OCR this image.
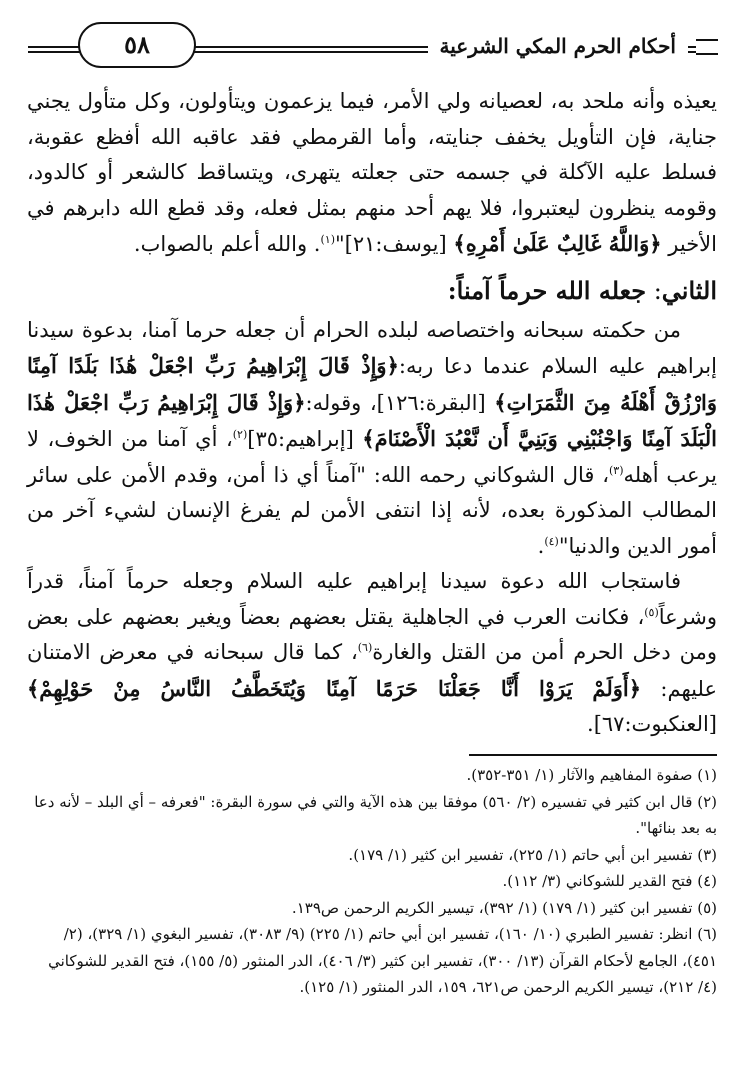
أحكام الحرم المكي الشرعية
٥٨

يعيذه وأنه ملحد به، لعصيانه ولي الأمر، فيما يزعمون ويتأولون، وكل متأول يجني جناية، فإن التأويل يخفف جنايته، وأما القرمطي فقد عاقبه الله أفظع عقوبة، فسلط عليه الآكلة في جسمه حتى جعلته يتهرى، ويتساقط كالشعر أو كالدود، وقومه ينظرون ليعتبروا، فلا يهم أحد منهم بمثل فعله، وقد قطع الله دابرهم في الأخير ﴿وَاللَّهُ غَالِبٌ عَلَىٰ أَمْرِهِ﴾ [يوسف:٢١]"$^{(١)}$. والله أعلم بالصواب.

الثاني: جعله الله حرماً آمناً:

من حكمته سبحانه واختصاصه لبلده الحرام أن جعله حرما آمنا، بدعوة سيدنا إبراهيم عليه السلام عندما دعا ربه:﴿وَإِذْ قَالَ إِبْرَاهِيمُ رَبِّ اجْعَلْ هَٰذَا بَلَدًا آمِنًا وَارْزُقْ أَهْلَهُ مِنَ الثَّمَرَاتِ﴾ [البقرة:١٢٦]، وقوله:﴿وَإِذْ قَالَ إِبْرَاهِيمُ رَبِّ اجْعَلْ هَٰذَا الْبَلَدَ آمِنًا وَاجْنُبْنِي وَبَنِيَّ أَن نَّعْبُدَ الْأَصْنَامَ﴾ [إبراهيم:٣٥]$^{(٢)}$، أي آمنا من الخوف، لا يرعب أهله$^{(٣)}$، قال الشوكاني رحمه الله: "آمناً أي ذا أمن، وقدم الأمن على سائر المطالب المذكورة بعده، لأنه إذا انتفى الأمن لم يفرغ الإنسان لشيء آخر من أمور الدين والدنيا"$^{(٤)}$.

فاستجاب الله دعوة سيدنا إبراهيم عليه السلام وجعله حرماً آمناً، قدراً وشرعاً$^{(٥)}$، فكانت العرب في الجاهلية يقتل بعضهم بعضاً ويغير بعضهم على بعض ومن دخل الحرم أمن من القتل والغارة$^{(٦)}$، كما قال سبحانه في معرض الامتنان عليهم: ﴿أَوَلَمْ يَرَوْا أَنَّا جَعَلْنَا حَرَمًا آمِنًا وَيُتَخَطَّفُ النَّاسُ مِنْ حَوْلِهِمْ﴾ [العنكبوت:٦٧].

(١) صفوة المفاهيم والآثار (١/ ٣٥١-٣٥٢).

(٢) قال ابن كثير في تفسيره (٢/ ٥٦٠) موفقا بين هذه الآية والتي في سورة البقرة: "فعرفه – أي البلد – لأنه دعا به بعد بنائها".

(٣) تفسير ابن أبي حاتم (١/ ٢٢٥)، تفسير ابن كثير (١/ ١٧٩).

(٤) فتح القدير للشوكاني (٣/ ١١٢).

(٥) تفسير ابن كثير (١/ ١٧٩) (١/ ٣٩٢)، تيسير الكريم الرحمن ص١٣٩.

(٦) انظر: تفسير الطبري (١٠/ ١٦٠)، تفسير ابن أبي حاتم (١/ ٢٢٥) (٩/ ٣٠٨٣)، تفسير البغوي (١/ ٣٢٩)، (٢/ ٤٥١)، الجامع لأحكام القرآن (١٣/ ٣٠٠)، تفسير ابن كثير (٣/ ٤٠٦)، الدر المنثور (٥/ ١٥٥)، فتح القدير للشوكاني (٤/ ٢١٢)، تيسير الكريم الرحمن ص٦٢١، ١٥٩، الدر المنثور (١/ ١٢٥).
